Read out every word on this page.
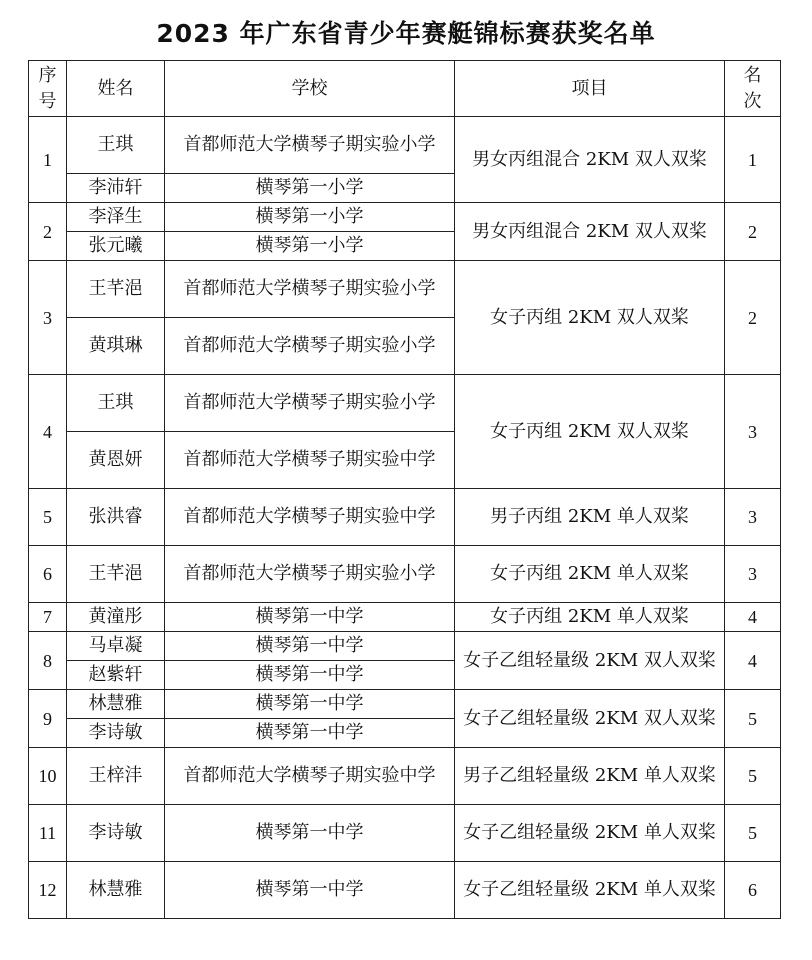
2023 年广东省青少年赛艇锦标赛获奖名单
序号	姓名	学校	项目	名次
1	王琪	首都师范大学横琴子期实验小学	男女丙组混合 2KM 双人双桨	1
	李沛轩	横琴第一小学		
2	李泽生	横琴第一小学	男女丙组混合 2KM 双人双桨	2
	张元曦	横琴第一小学		
3	王芊浥	首都师范大学横琴子期实验小学	女子丙组 2KM 双人双桨	2
	黄琪琳	首都师范大学横琴子期实验小学		
4	王琪	首都师范大学横琴子期实验小学	女子丙组 2KM 双人双桨	3
	黄恩妍	首都师范大学横琴子期实验中学		
5	张洪睿	首都师范大学横琴子期实验中学	男子丙组 2KM 单人双桨	3
6	王芊浥	首都师范大学横琴子期实验小学	女子丙组 2KM 单人双桨	3
7	黄潼彤	横琴第一中学	女子丙组 2KM 单人双桨	4
8	马卓凝	横琴第一中学	女子乙组轻量级 2KM 双人双桨	4
	赵紫轩	横琴第一中学		
9	林慧雅	横琴第一中学	女子乙组轻量级 2KM 双人双桨	5
	李诗敏	横琴第一中学		
10	王梓沣	首都师范大学横琴子期实验中学	男子乙组轻量级 2KM 单人双桨	5
11	李诗敏	横琴第一中学	女子乙组轻量级 2KM 单人双桨	5
12	林慧雅	横琴第一中学	女子乙组轻量级 2KM 单人双桨	6
